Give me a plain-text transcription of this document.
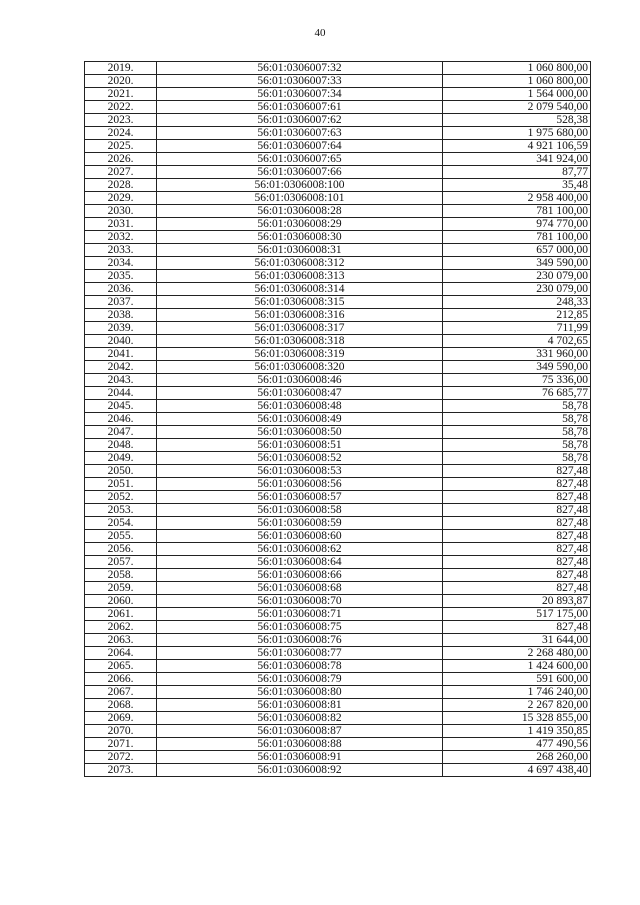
40
2019.	56:01:0306007:32	1 060 800,00
2020.	56:01:0306007:33	1 060 800,00
2021.	56:01:0306007:34	1 564 000,00
2022.	56:01:0306007:61	2 079 540,00
2023.	56:01:0306007:62	528,38
2024.	56:01:0306007:63	1 975 680,00
2025.	56:01:0306007:64	4 921 106,59
2026.	56:01:0306007:65	341 924,00
2027.	56:01:0306007:66	87,77
2028.	56:01:0306008:100	35,48
2029.	56:01:0306008:101	2 958 400,00
2030.	56:01:0306008:28	781 100,00
2031.	56:01:0306008:29	974 770,00
2032.	56:01:0306008:30	781 100,00
2033.	56:01:0306008:31	657 000,00
2034.	56:01:0306008:312	349 590,00
2035.	56:01:0306008:313	230 079,00
2036.	56:01:0306008:314	230 079,00
2037.	56:01:0306008:315	248,33
2038.	56:01:0306008:316	212,85
2039.	56:01:0306008:317	711,99
2040.	56:01:0306008:318	4 702,65
2041.	56:01:0306008:319	331 960,00
2042.	56:01:0306008:320	349 590,00
2043.	56:01:0306008:46	75 336,00
2044.	56:01:0306008:47	76 685,77
2045.	56:01:0306008:48	58,78
2046.	56:01:0306008:49	58,78
2047.	56:01:0306008:50	58,78
2048.	56:01:0306008:51	58,78
2049.	56:01:0306008:52	58,78
2050.	56:01:0306008:53	827,48
2051.	56:01:0306008:56	827,48
2052.	56:01:0306008:57	827,48
2053.	56:01:0306008:58	827,48
2054.	56:01:0306008:59	827,48
2055.	56:01:0306008:60	827,48
2056.	56:01:0306008:62	827,48
2057.	56:01:0306008:64	827,48
2058.	56:01:0306008:66	827,48
2059.	56:01:0306008:68	827,48
2060.	56:01:0306008:70	20 893,87
2061.	56:01:0306008:71	517 175,00
2062.	56:01:0306008:75	827,48
2063.	56:01:0306008:76	31 644,00
2064.	56:01:0306008:77	2 268 480,00
2065.	56:01:0306008:78	1 424 600,00
2066.	56:01:0306008:79	591 600,00
2067.	56:01:0306008:80	1 746 240,00
2068.	56:01:0306008:81	2 267 820,00
2069.	56:01:0306008:82	15 328 855,00
2070.	56:01:0306008:87	1 419 350,85
2071.	56:01:0306008:88	477 490,56
2072.	56:01:0306008:91	268 260,00
2073.	56:01:0306008:92	4 697 438,40
